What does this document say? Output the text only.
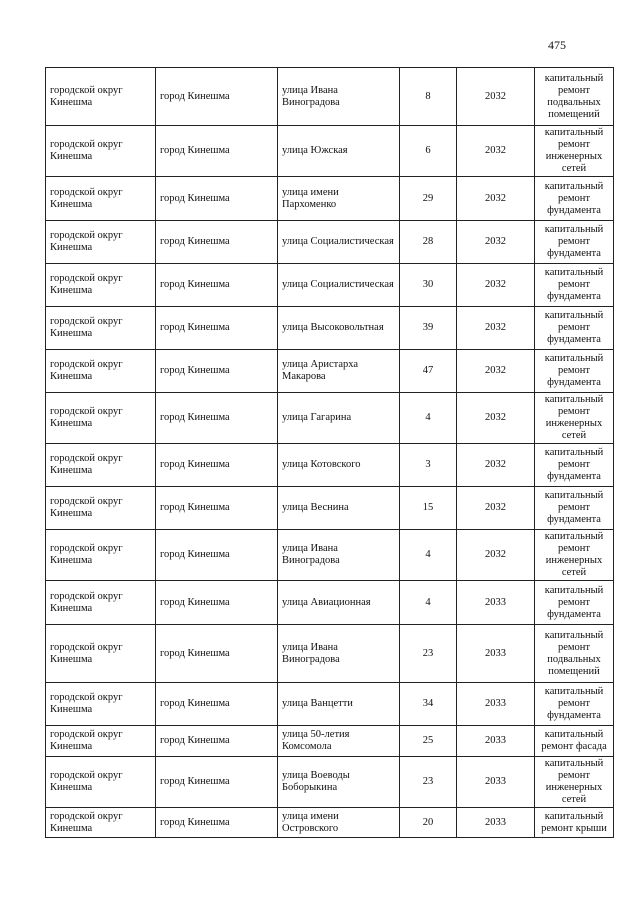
475
городской округ Кинешма	город Кинешма	улица Ивана Виноградова	8	2032	капитальный ремонт подвальных помещений
городской округ Кинешма	город Кинешма	улица Южская	6	2032	капитальный ремонт инженерных сетей
городской округ Кинешма	город Кинешма	улица имени Пархоменко	29	2032	капитальный ремонт фундамента
городской округ Кинешма	город Кинешма	улица Социалистическая	28	2032	капитальный ремонт фундамента
городской округ Кинешма	город Кинешма	улица Социалистическая	30	2032	капитальный ремонт фундамента
городской округ Кинешма	город Кинешма	улица Высоковольтная	39	2032	капитальный ремонт фундамента
городской округ Кинешма	город Кинешма	улица Аристарха Макарова	47	2032	капитальный ремонт фундамента
городской округ Кинешма	город Кинешма	улица Гагарина	4	2032	капитальный ремонт инженерных сетей
городской округ Кинешма	город Кинешма	улица Котовского	3	2032	капитальный ремонт фундамента
городской округ Кинешма	город Кинешма	улица Веснина	15	2032	капитальный ремонт фундамента
городской округ Кинешма	город Кинешма	улица Ивана Виноградова	4	2032	капитальный ремонт инженерных сетей
городской округ Кинешма	город Кинешма	улица Авиационная	4	2033	капитальный ремонт фундамента
городской округ Кинешма	город Кинешма	улица Ивана Виноградова	23	2033	капитальный ремонт подвальных помещений
городской округ Кинешма	город Кинешма	улица Ванцетти	34	2033	капитальный ремонт фундамента
городской округ Кинешма	город Кинешма	улица 50-летия Комсомола	25	2033	капитальный ремонт фасада
городской округ Кинешма	город Кинешма	улица Воеводы Боборыкина	23	2033	капитальный ремонт инженерных сетей
городской округ Кинешма	город Кинешма	улица имени Островского	20	2033	капитальный ремонт крыши
